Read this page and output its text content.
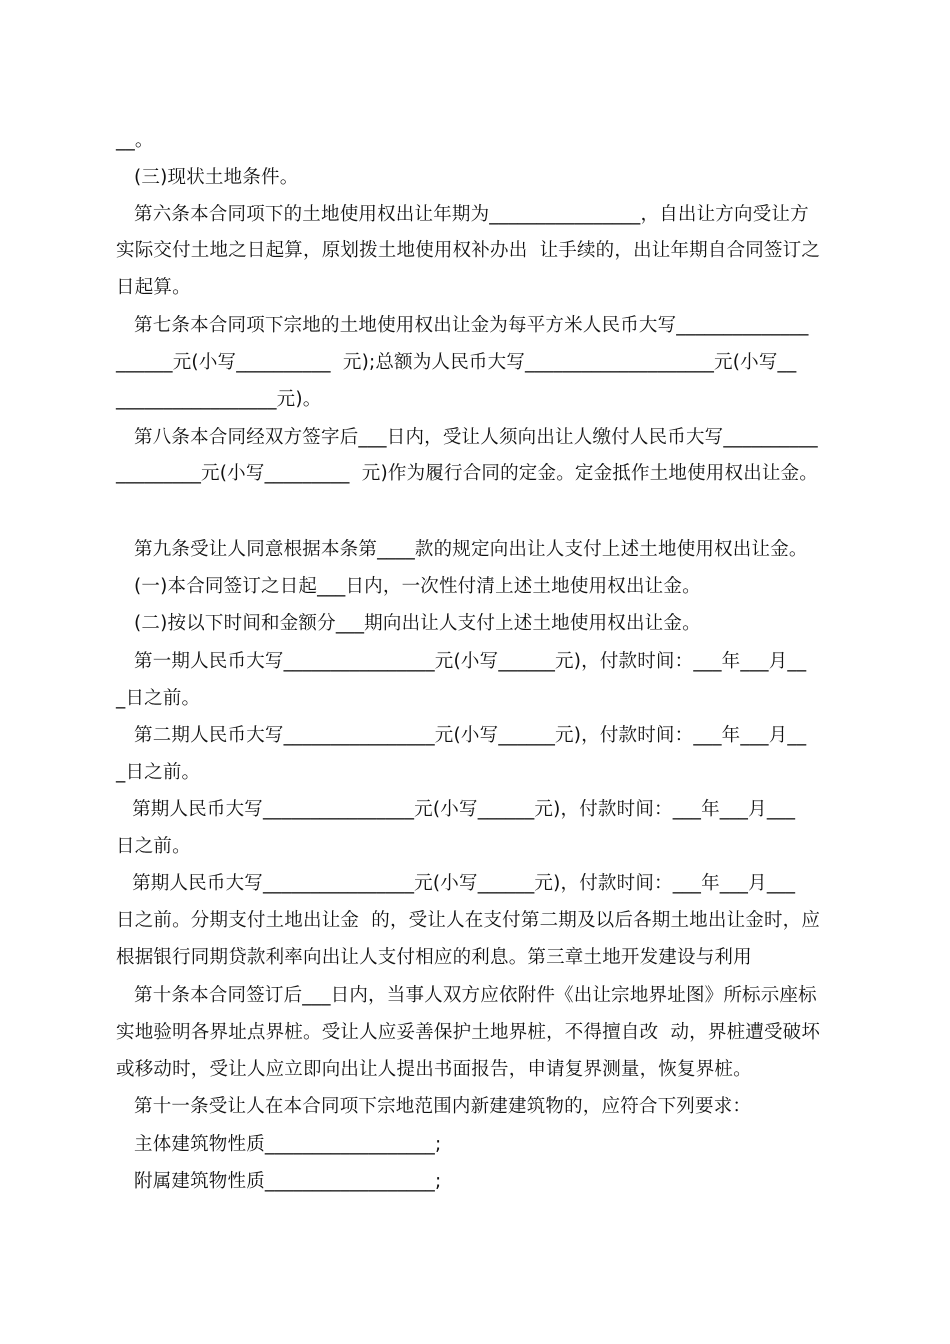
__。
(三)现状土地条件。
第六条本合同项下的土地使用权出让年期为________________，自出让方向受让方
实际交付土地之日起算，原划拨土地使用权补办出  让手续的，出让年期自合同签订之
日起算。
第七条本合同项下宗地的土地使用权出让金为每平方米人民币大写______________
______元(小写__________  元);总额为人民币大写____________________元(小写__
_________________元)。
第八条本合同经双方签字后___日内，受让人须向出让人缴付人民币大写__________
_________元(小写_________  元)作为履行合同的定金。定金抵作土地使用权出让金。
第九条受让人同意根据本条第____款的规定向出让人支付上述土地使用权出让金。
(一)本合同签订之日起___日内，一次性付清上述土地使用权出让金。
(二)按以下时间和金额分___期向出让人支付上述土地使用权出让金。
第一期人民币大写________________元(小写______元)，付款时间：___年___月__
_日之前。
第二期人民币大写________________元(小写______元)，付款时间：___年___月__
_日之前。
第期人民币大写________________元(小写______元)，付款时间：___年___月___
日之前。
第期人民币大写________________元(小写______元)，付款时间：___年___月___
日之前。分期支付土地出让金  的，受让人在支付第二期及以后各期土地出让金时，应
根据银行同期贷款利率向出让人支付相应的利息。第三章土地开发建设与利用
第十条本合同签订后___日内，当事人双方应依附件《出让宗地界址图》所标示座标
实地验明各界址点界桩。受让人应妥善保护土地界桩，不得擅自改  动，界桩遭受破坏
或移动时，受让人应立即向出让人提出书面报告，申请复界测量，恢复界桩。
第十一条受让人在本合同项下宗地范围内新建建筑物的，应符合下列要求：
主体建筑物性质__________________;
附属建筑物性质__________________;
